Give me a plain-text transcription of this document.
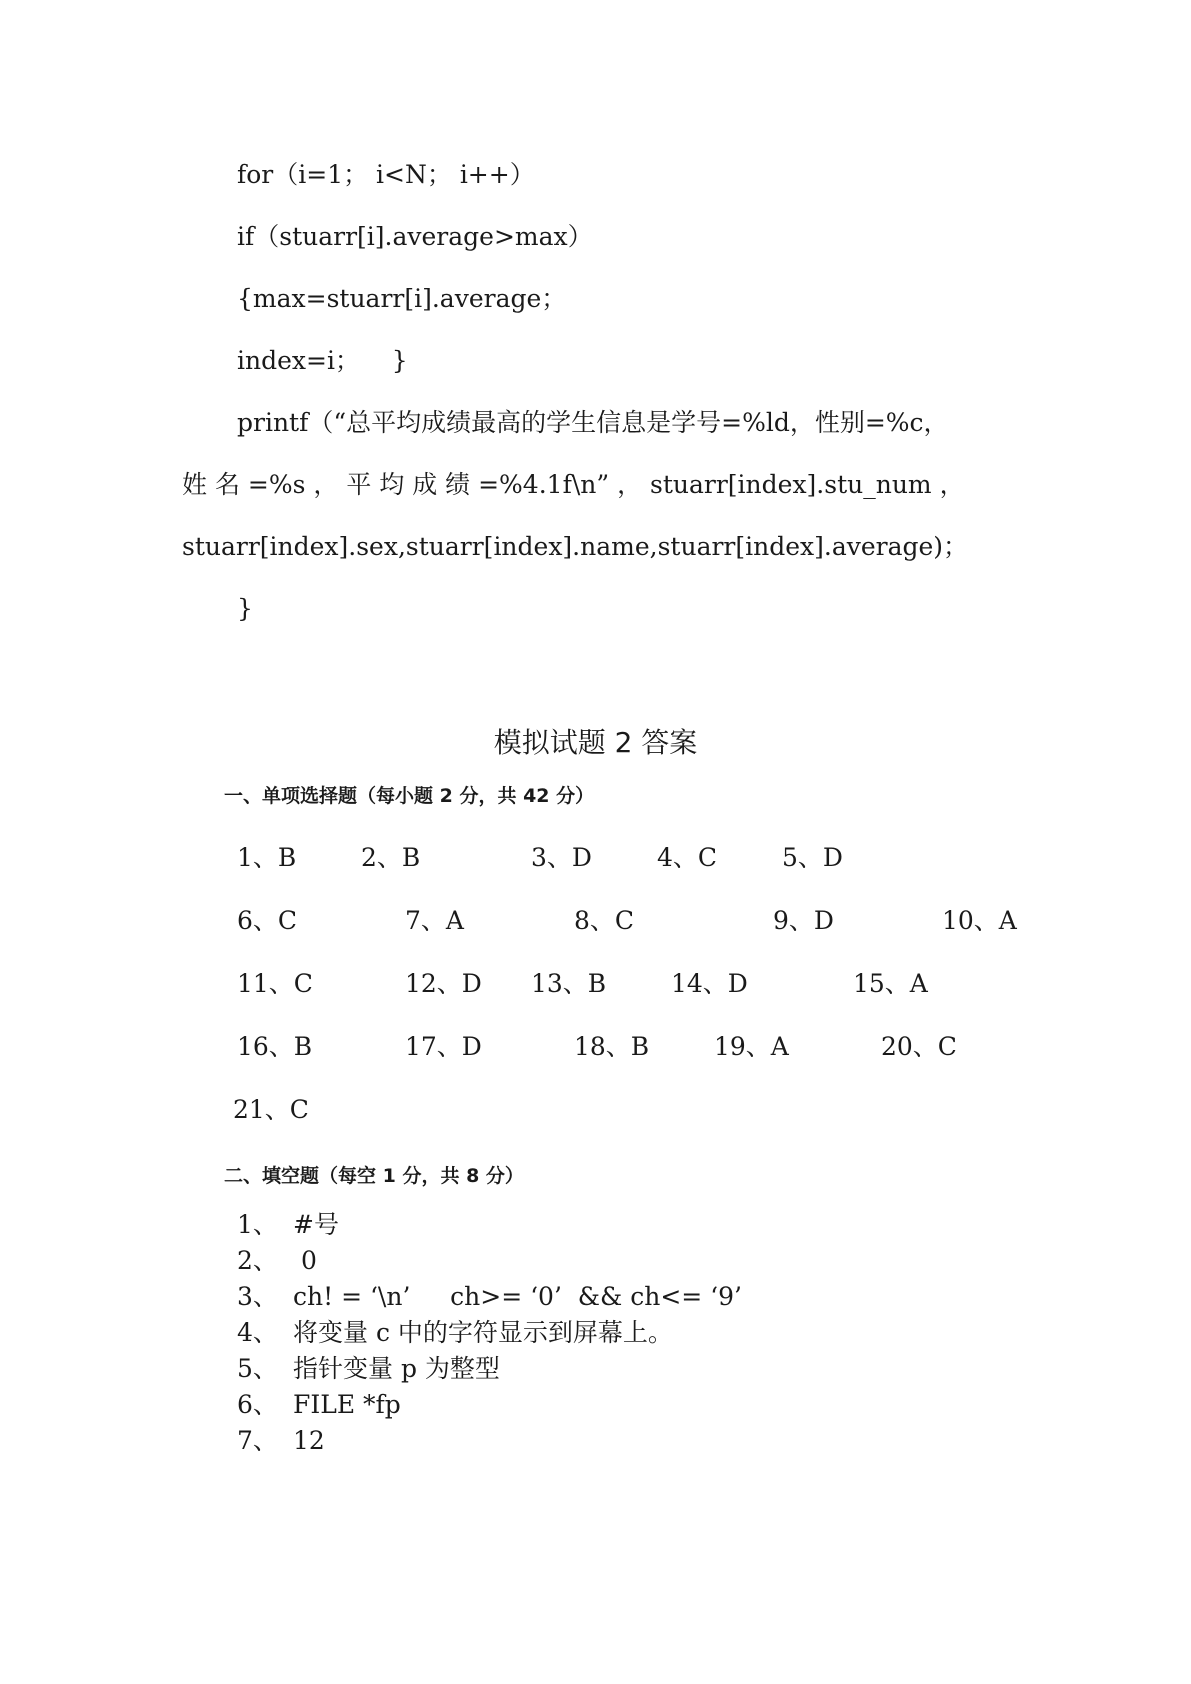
for（i=1； i<N； i++）
if（stuarr[i].average>max）
{max=stuarr[i].average；
index=i；    }
printf（“总平均成绩最高的学生信息是学号=%ld，性别=%c，
姓 名 =%s ， 平 均 成 绩 =%4.1f\n” ， stuarr[index].stu_num ，
stuarr[index].sex,stuarr[index].name,stuarr[index].average)；
}
模拟试题 2 答案
一、单项选择题（每小题 2 分，共 42 分）
1、B	2、B	3、D	4、C	5、D
6、C	7、A	8、C	9、D	10、A
11、C	12、D 13、B	14、D	15、A
16、B	17、D	18、B	19、A	20、C
21、C
二、填空题（每空 1 分，共 8 分）
1、 #号
2、 0
3、 ch! = ‘\n’     ch>= ‘0’  && ch<= ‘9’
4、 将变量 c 中的字符显示到屏幕上。
5、 指针变量 p 为整型
6、 FILE *fp
7、 12
